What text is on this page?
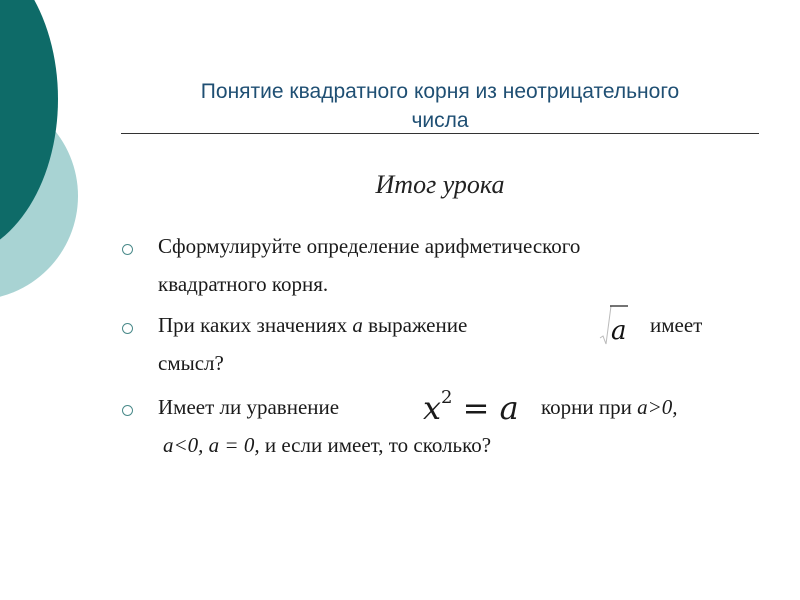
Понятие квадратного корня из неотрицательного
числа
Итог урока
Сформулируйте определение арифметического
квадратного корня.
При каких значениях а выражение	a имеет
смысл?
Имеет ли уравнение	$x^2 = a$ корни при а>0,
a<0, а = 0, и если имеет, то сколько?
